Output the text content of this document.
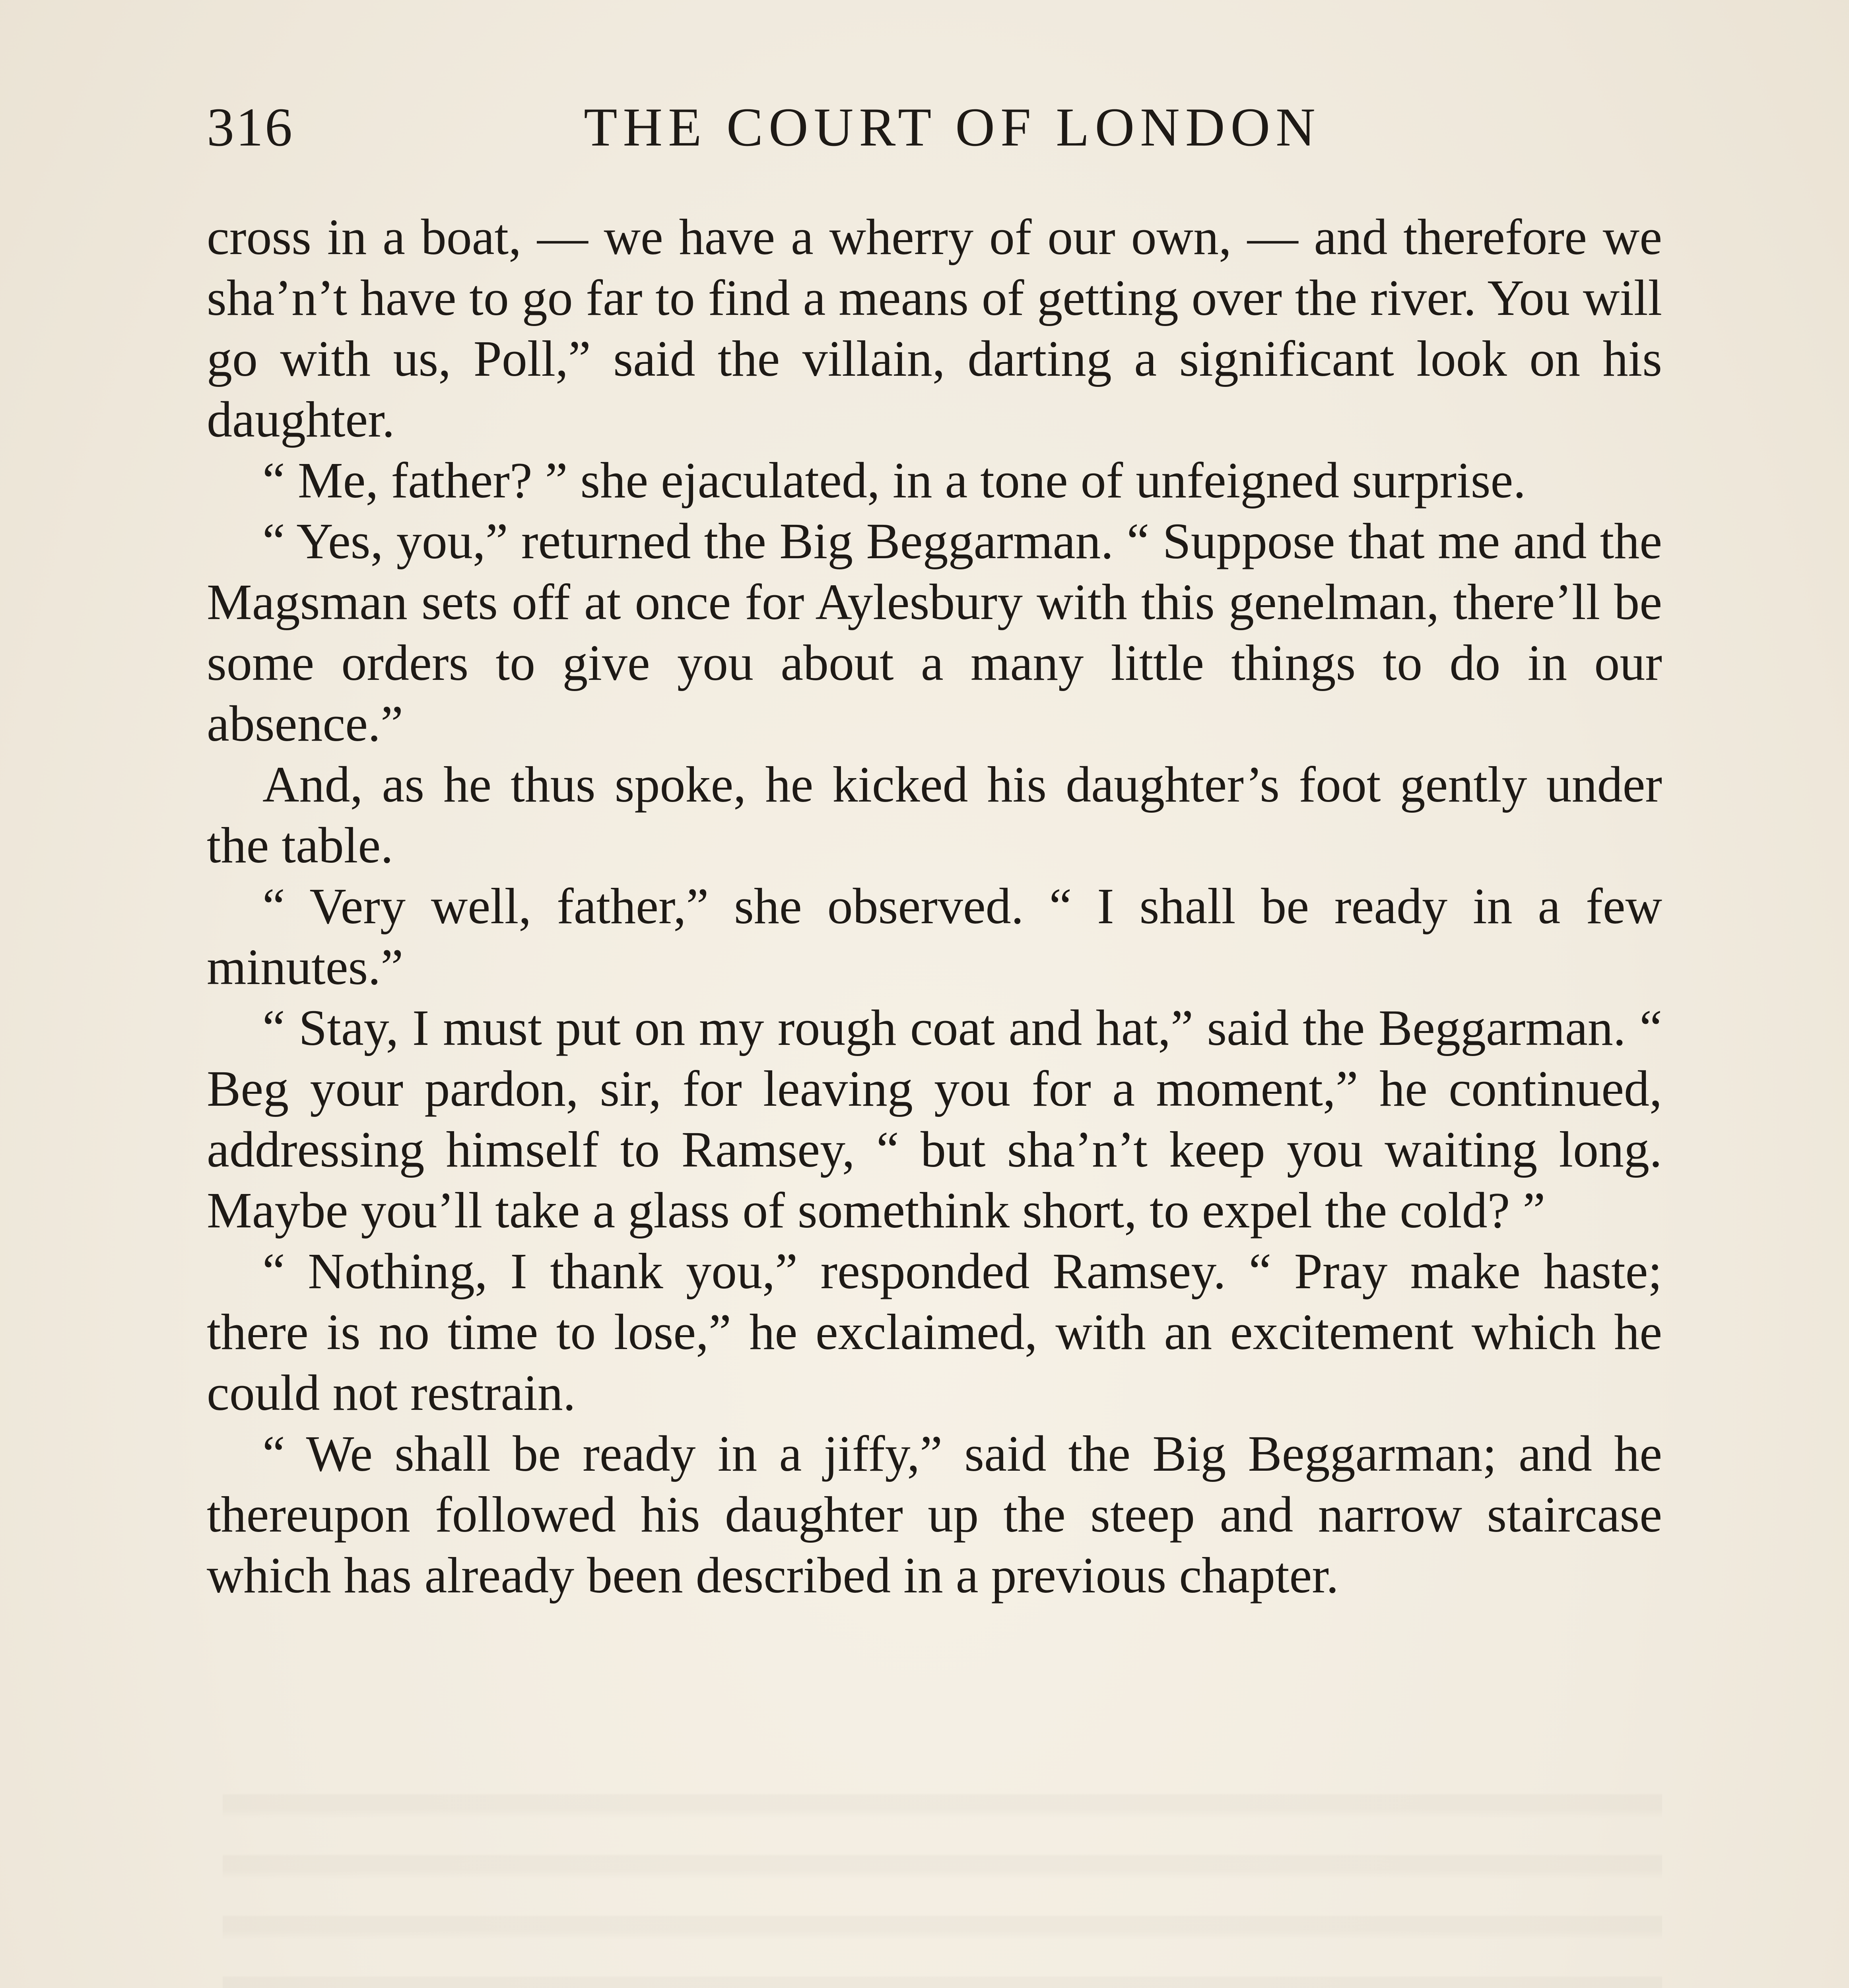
316	THE COURT OF LONDON

cross in a boat, — we have a wherry of our own, — and therefore we sha’n’t have to go far to find a means of getting over the river. You will go with us, Poll,” said the villain, darting a significant look on his daughter.

“ Me, father? ” she ejaculated, in a tone of unfeigned surprise.

“ Yes, you,” returned the Big Beggarman. “ Suppose that me and the Magsman sets off at once for Aylesbury with this genelman, there’ll be some orders to give you about a many little things to do in our absence.”

And, as he thus spoke, he kicked his daughter’s foot gently under the table.

“ Very well, father,” she observed. “ I shall be ready in a few minutes.”

“ Stay, I must put on my rough coat and hat,” said the Beggarman. “ Beg your pardon, sir, for leaving you for a moment,” he continued, addressing himself to Ramsey, “ but sha’n’t keep you waiting long. Maybe you’ll take a glass of somethink short, to expel the cold? ”

“ Nothing, I thank you,” responded Ramsey. “ Pray make haste; there is no time to lose,” he exclaimed, with an excitement which he could not restrain.

“ We shall be ready in a jiffy,” said the Big Beggarman; and he thereupon followed his daughter up the steep and narrow staircase which has already been described in a previous chapter.
